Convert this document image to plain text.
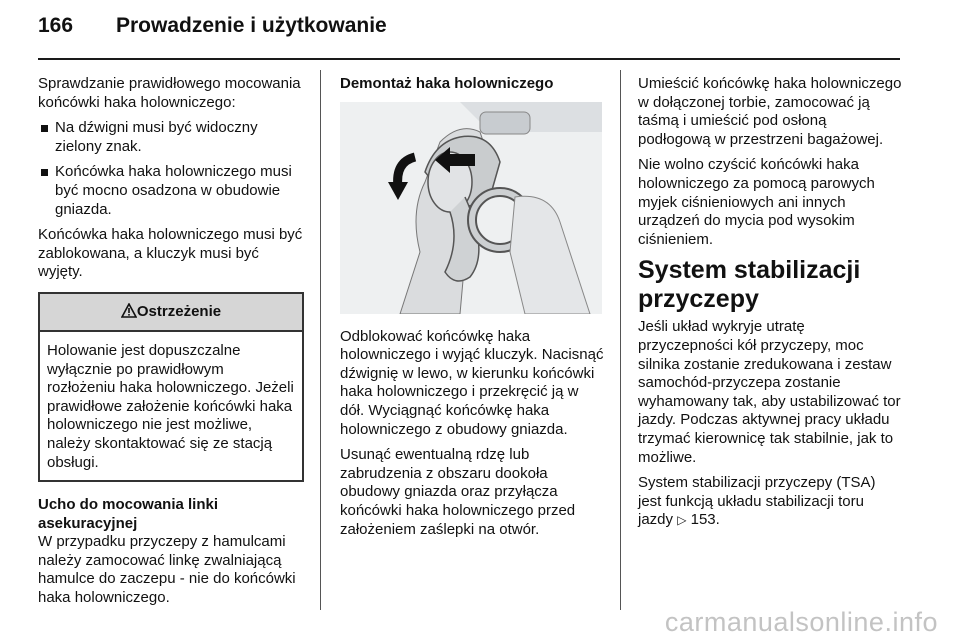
166 Prowadzenie i użytkowanie

Sprawdzanie prawidłowego mocowania końcówki haka holowniczego:

Na dźwigni musi być widoczny zielony znak.
Końcówka haka holowniczego musi być mocno osadzona w obudowie gniazda.

Końcówka haka holowniczego musi być zablokowana, a kluczyk musi być wyjęty.

Ostrzeżenie
Holowanie jest dopuszczalne wyłącznie po prawidłowym rozłożeniu haka holowniczego. Jeżeli prawidłowe założenie końcówki haka holowniczego nie jest możliwe, należy skontaktować się ze stacją obsługi.

Ucho do mocowania linki asekuracyjnej

W przypadku przyczepy z hamulcami należy zamocować linkę zwalniającą hamulce do zaczepu - nie do końcówki haka holowniczego.

Demontaż haka holowniczego

Odblokować końcówkę haka holowniczego i wyjąć kluczyk. Nacisnąć dźwignię w lewo, w kierunku końcówki haka holowniczego i przekręcić ją w dół. Wyciągnąć końcówkę haka holowniczego z obudowy gniazda.

Usunąć ewentualną rdzę lub zabrudzenia z obszaru dookoła obudowy gniazda oraz przyłącza końcówki haka holowniczego przed założeniem zaślepki na otwór.

Umieścić końcówkę haka holowniczego w dołączonej torbie, zamocować ją taśmą i umieścić pod osłoną podłogową w przestrzeni bagażowej.

Nie wolno czyścić końcówki haka holowniczego za pomocą parowych myjek ciśnieniowych ani innych urządzeń do mycia pod wysokim ciśnieniem.

System stabilizacji przyczepy

Jeśli układ wykryje utratę przyczepności kół przyczepy, moc silnika zostanie zredukowana i zestaw samochód-przyczepa zostanie wyhamowany tak, aby ustabilizować tor jazdy. Podczas aktywnej pracy układu trzymać kierownicę tak stabilnie, jak to możliwe.

System stabilizacji przyczepy (TSA) jest funkcją układu stabilizacji toru jazdy ▷ 153.

carmanualsonline.info
